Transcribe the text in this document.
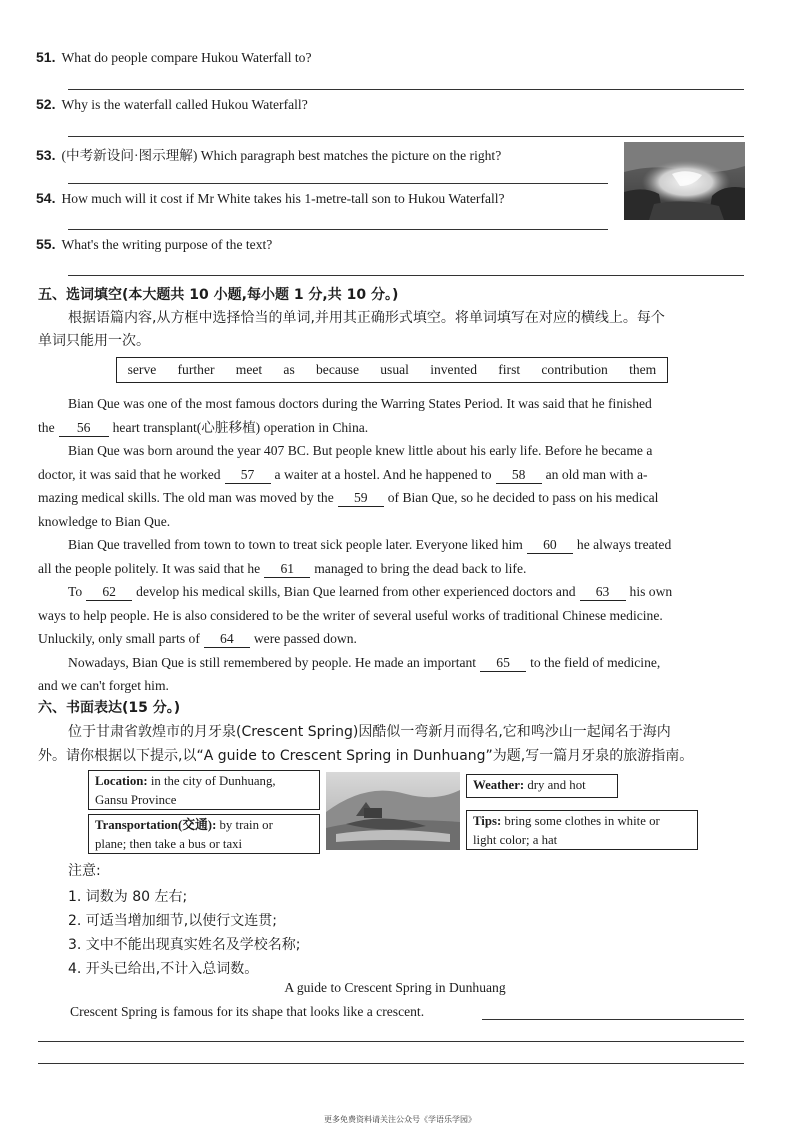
51. What do people compare Hukou Waterfall to?
52. Why is the waterfall called Hukou Waterfall?
53. (中考新设问·图示理解) Which paragraph best matches the picture on the right?
54. How much will it cost if Mr White takes his 1-metre-tall son to Hukou Waterfall?
55. What's the writing purpose of the text?
五、选词填空(本大题共 10 小题,每小题 1 分,共 10 分。)
根据语篇内容,从方框中选择恰当的单词,并用其正确形式填空。将单词填写在对应的横线上。每个
单词只能用一次。
serve further meet as because usual invented first contribution them
Bian Que was one of the most famous doctors during the Warring States Period. It was said that he finished
the 56 heart transplant(心脏移植) operation in China.
Bian Que was born around the year 407 BC. But people knew little about his early life. Before he became a
doctor, it was said that he worked 57 a waiter at a hostel. And he happened to 58 an old man with a-
mazing medical skills. The old man was moved by the 59 of Bian Que, so he decided to pass on his medical
knowledge to Bian Que.
Bian Que travelled from town to town to treat sick people later. Everyone liked him 60 he always treated
all the people politely. It was said that he 61 managed to bring the dead back to life.
To 62 develop his medical skills, Bian Que learned from other experienced doctors and 63 his own
ways to help people. He is also considered to be the writer of several useful works of traditional Chinese medicine.
Unluckily, only small parts of 64 were passed down.
Nowadays, Bian Que is still remembered by people. He made an important 65 to the field of medicine,
and we can't forget him.
六、书面表达(15 分。)
位于甘肃省敦煌市的月牙泉(Crescent Spring)因酷似一弯新月而得名,它和鸣沙山一起闻名于海内
外。请你根据以下提示,以“A guide to Crescent Spring in Dunhuang”为题,写一篇月牙泉的旅游指南。
Location: in the city of Dunhuang,
Gansu Province
Transportation(交通): by train or
plane; then take a bus or taxi
Weather: dry and hot
Tips: bring some clothes in white or
light color; a hat
注意:
1. 词数为 80 左右;
2. 可适当增加细节,以使行文连贯;
3. 文中不能出现真实姓名及学校名称;
4. 开头已给出,不计入总词数。
A guide to Crescent Spring in Dunhuang
Crescent Spring is famous for its shape that looks like a crescent.
更多免费资料请关注公众号《学语乐学园》
